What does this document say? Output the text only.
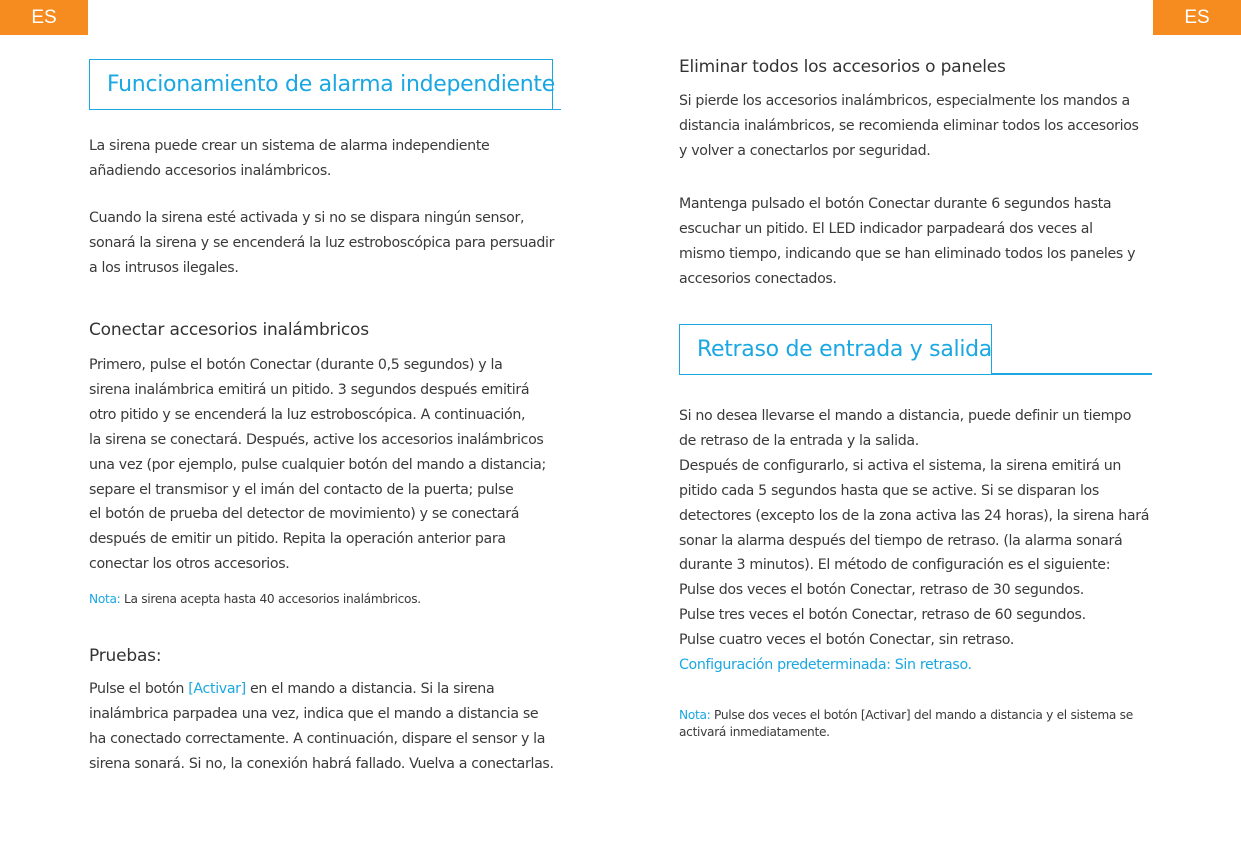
ES	ES
Funcionamiento de alarma independiente
La sirena puede crear un sistema de alarma independiente
añadiendo accesorios inalámbricos.
Cuando la sirena esté activada y si no se dispara ningún sensor,
sonará la sirena y se encenderá la luz estroboscópica para persuadir
a los intrusos ilegales.
Conectar accesorios inalámbricos
Primero, pulse el botón Conectar (durante 0,5 segundos) y la
sirena inalámbrica emitirá un pitido. 3 segundos después emitirá
otro pitido y se encenderá la luz estroboscópica. A continuación,
la sirena se conectará. Después, active los accesorios inalámbricos
una vez (por ejemplo, pulse cualquier botón del mando a distancia;
separe el transmisor y el imán del contacto de la puerta; pulse
el botón de prueba del detector de movimiento) y se conectará
después de emitir un pitido. Repita la operación anterior para
conectar los otros accesorios.
Nota: La sirena acepta hasta 40 accesorios inalámbricos.
Pruebas:
Pulse el botón [Activar] en el mando a distancia. Si la sirena
inalámbrica parpadea una vez, indica que el mando a distancia se
ha conectado correctamente. A continuación, dispare el sensor y la
sirena sonará. Si no, la conexión habrá fallado. Vuelva a conectarlas.
Eliminar todos los accesorios o paneles
Si pierde los accesorios inalámbricos, especialmente los mandos a
distancia inalámbricos, se recomienda eliminar todos los accesorios
y volver a conectarlos por seguridad.
Mantenga pulsado el botón Conectar durante 6 segundos hasta
escuchar un pitido. El LED indicador parpadeará dos veces al
mismo tiempo, indicando que se han eliminado todos los paneles y
accesorios conectados.
Retraso de entrada y salida
Si no desea llevarse el mando a distancia, puede definir un tiempo
de retraso de la entrada y la salida.
Después de configurarlo, si activa el sistema, la sirena emitirá un
pitido cada 5 segundos hasta que se active. Si se disparan los
detectores (excepto los de la zona activa las 24 horas), la sirena hará
sonar la alarma después del tiempo de retraso. (la alarma sonará
durante 3 minutos). El método de configuración es el siguiente:
Pulse dos veces el botón Conectar, retraso de 30 segundos.
Pulse tres veces el botón Conectar, retraso de 60 segundos.
Pulse cuatro veces el botón Conectar, sin retraso.
Configuración predeterminada: Sin retraso.
Nota: Pulse dos veces el botón [Activar] del mando a distancia y el sistema se
activará inmediatamente.
